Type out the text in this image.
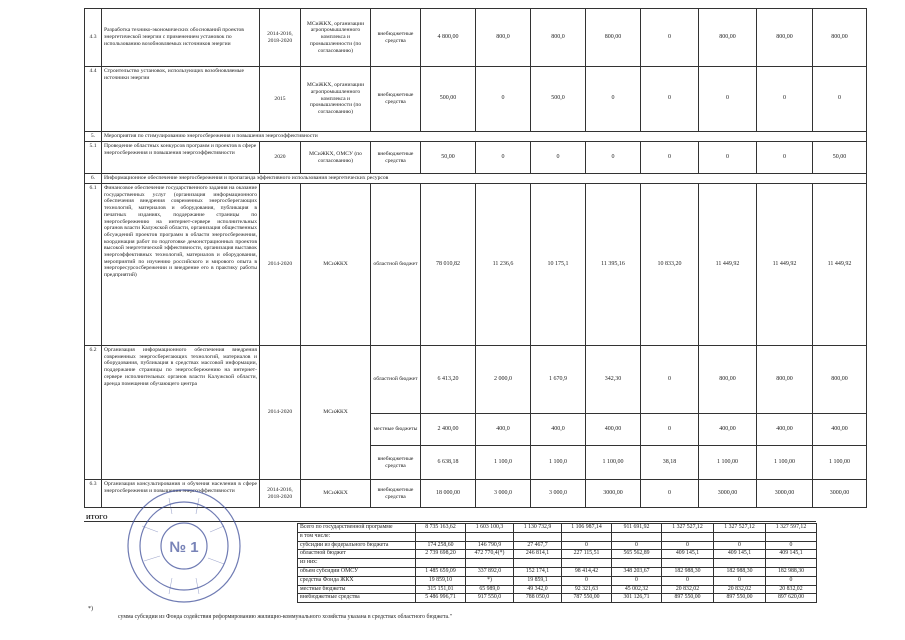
4.3	Разработка технико-экономических обоснований проектов энергетической энергии с применением установок по использованию возобновляемых источников энергии	2014-2016, 2018-2020	МСиЖКХ, организации агропромышленного комплекса и промышленности (по согласованию)	внебюджетные средства	4 800,00	800,0	800,0	800,00	0	800,00	800,00	800,00
4.4	Строительство установок, использующих возобновляемые источники энергии	2015	МСиЖКХ, организации агропромышленного комплекса и промышленности (по согласованию)	внебюджетные средства	500,00	0	500,0	0	0	0	0	0
5.	Мероприятия по стимулированию энергосбережения и повышения энергоэффективности											
5.1	Проведение областных конкурсов программ и проектов в сфере энергосбережения и повышения энергоэффективности	2020	МСиЖКХ, ОМСУ (по согласованию)	внебюджетные средства	50,00	0	0	0	0	0	0	50,00
6.	Информационное обеспечение энергосбережения и пропаганда эффективного использования энергетических ресурсов											
6.1	Финансовое обеспечение государственного задания на оказание государственных услуг (организация информационного обеспечения внедрения современных энергосберегающих технологий, материалов и оборудования, публикация в печатных изданиях, поддержание страницы по энергосбережению на интернет-сервере исполнительных органов власти Калужской области, организация общественных обсуждений проектов программ в области энергосбережения, координация работ по подготовке демонстрационных проектов высокой энергетической эффективности, организация выставок энергоэффективных технологий, материалов и оборудования, мероприятий по изучению российского и мирового опыта в энергоресурсосбережении и внедрение его в практику работы предприятий)	2014-2020	МСиЖКХ	областной бюджет	78 010,82	11 236,6	10 175,1	11 395,16	10 833,20	11 449,92	11 449,92	11 449,92
6.2	Организация информационного обеспечения внедрения современных энергосберегающих технологий, материалов и оборудования, публикация в средствах массовой информации, поддержание страницы по энергосбережению на интернет-сервере исполнительных органов власти Калужской области, аренда помещения обучающего центра	2014-2020	МСиЖКХ	областной бюджет	6 413,20	2 000,0	1 670,9	342,30	0	800,00	800,00	800,00
				местные бюджеты	2 400,00	400,0	400,0	400,00	0	400,00	400,00	400,00
				внебюджетные средства	6 638,18	1 100,0	1 100,0	1 100,00	38,18	1 100,00	1 100,00	1 100,00
6.3	Организация консультирования и обучения населения в сфере энергосбережения и повышения энергоэффективности	2014-2016, 2018-2020	МСиЖКХ	внебюджетные средства	18 000,00	3 000,0	3 000,0	3000,00	0	3000,00	3000,00	3000,00
ИТОГО
Всего по государственной программе	8 735 163,62	1 603 100,3	1 130 732,9	1 106 987,14	911 691,92	1 327 527,12	1 327 527,12	1 327 597,12
в том числе:								
субсидии из федерального бюджета	174 258,60	146 790,9	27 467,7	0	0	0	0	0
областной бюджет	2 739 698,20	472 770,4(*)	246 814,1	227 115,51	565 562,89	409 145,1	409 145,1	409 145,1
из них:								
объем субсидии ОМСУ	1 485 659,09	337 892,0	152 174,1	98 414,42	348 203,67	182 988,30	182 988,30	182 988,30
средства Фонда ЖКХ	19 859,10	*)	19 859,1	0	0	0	0	0
местные бюджеты	315 151,01	65 989,0	49 342,0	92 321,63	45 002,32	20 832,02	20 832,02	20 832,02
внебюджетные средства	5 486 996,71	917 550,0	788 050,0	787 550,00	301 126,71	897 550,00	897 550,00	897 620,00
*)
сумма субсидии из Фонда содействия реформированию жилищно-коммунального хозяйства указана в средствах областного бюджета."
№ 1
